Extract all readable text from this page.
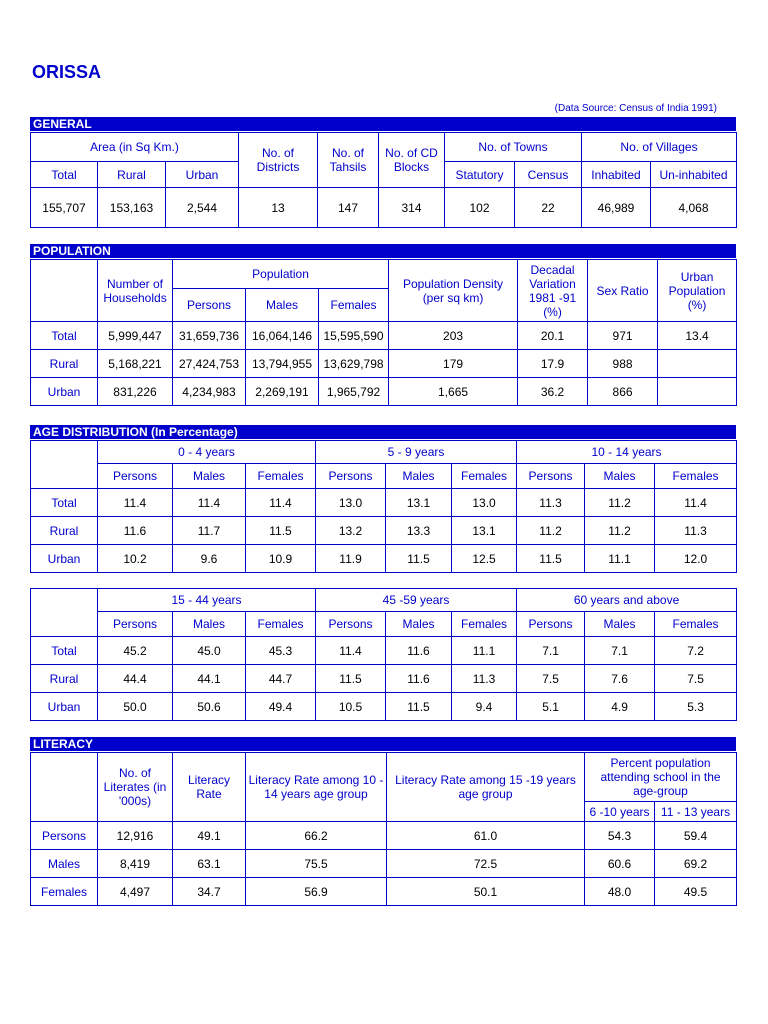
ORISSA
(Data Source: Census of India 1991)
GENERAL
Area (in Sq Km.)			No. of Districts	No. of Tahsils	No. of CD Blocks	No. of Towns		No. of Villages	
Total	Rural	Urban				Statutory	Census	Inhabited	Un-inhabited
155,707	153,163	2,544	13	147	314	102	22	46,989	4,068
POPULATION
	Number of Households	Population			Population Density (per sq km)	Decadal Variation 1981 -91 (%)	Sex Ratio	Urban Population (%)
		Persons	Males	Females				
Total	5,999,447	31,659,736	16,064,146	15,595,590	203	20.1	971	13.4
Rural	5,168,221	27,424,753	13,794,955	13,629,798	179	17.9	988	
Urban	831,226	4,234,983	2,269,191	1,965,792	1,665	36.2	866	
AGE DISTRIBUTION (In Percentage)
	0 - 4 years			5 - 9 years			10 - 14 years		
	Persons	Males	Females	Persons	Males	Females	Persons	Males	Females
Total	11.4	11.4	11.4	13.0	13.1	13.0	11.3	11.2	11.4
Rural	11.6	11.7	11.5	13.2	13.3	13.1	11.2	11.2	11.3
Urban	10.2	9.6	10.9	11.9	11.5	12.5	11.5	11.1	12.0
	15 - 44 years			45 -59 years			60 years and above		
	Persons	Males	Females	Persons	Males	Females	Persons	Males	Females
Total	45.2	45.0	45.3	11.4	11.6	11.1	7.1	7.1	7.2
Rural	44.4	44.1	44.7	11.5	11.6	11.3	7.5	7.6	7.5
Urban	50.0	50.6	49.4	10.5	11.5	9.4	5.1	4.9	5.3
LITERACY
	No. of Literates (in '000s)	Literacy Rate	Literacy Rate among 10 - 14 years age group	Literacy Rate among 15 -19 years age group	Percent population attending school in the age-group	
					6 -10 years	11 - 13 years
Persons	12,916	49.1	66.2	61.0	54.3	59.4
Males	8,419	63.1	75.5	72.5	60.6	69.2
Females	4,497	34.7	56.9	50.1	48.0	49.5
